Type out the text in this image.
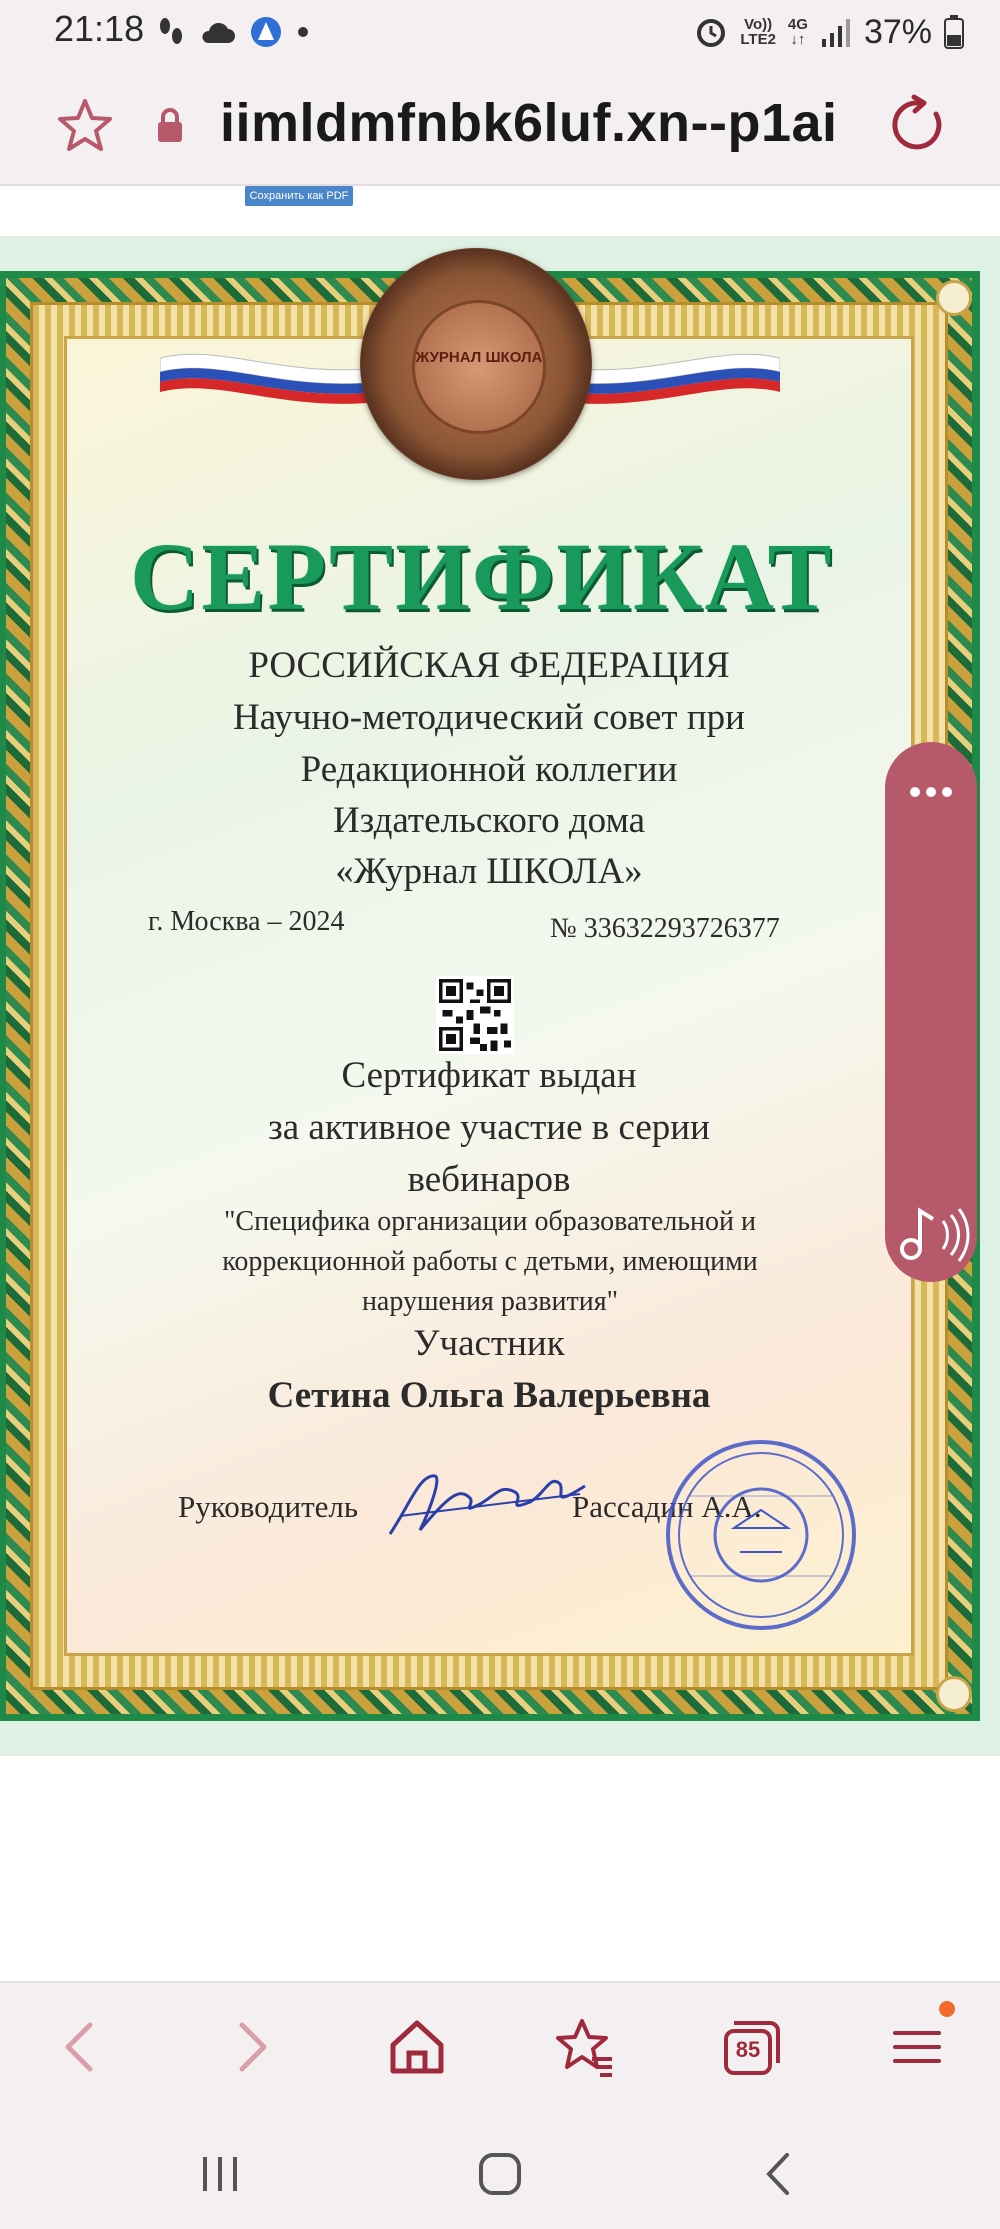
21:18	Vo))
LTE2
4G
↓↑ 37%
iimldmfnbk6luf.xn--p1ai
Сохранить как PDF
ЖУРНАЛ ШКОЛА
СЕРТИФИКАТ
РОССИЙСКАЯ ФЕДЕРАЦИЯ
Научно-методический совет при
Редакционной коллегии
Издательского дома
«Журнал ШКОЛА»
г. Москва – 2024	№ 33632293726377
Сертификат выдан
за активное участие в серии
вебинаров
"Специфика организации образовательной и
коррекционной работы с детьми, имеющими
нарушения развития"
Участник
Сетина Ольга Валерьевна
Руководитель	Рассадин А.А.
85
